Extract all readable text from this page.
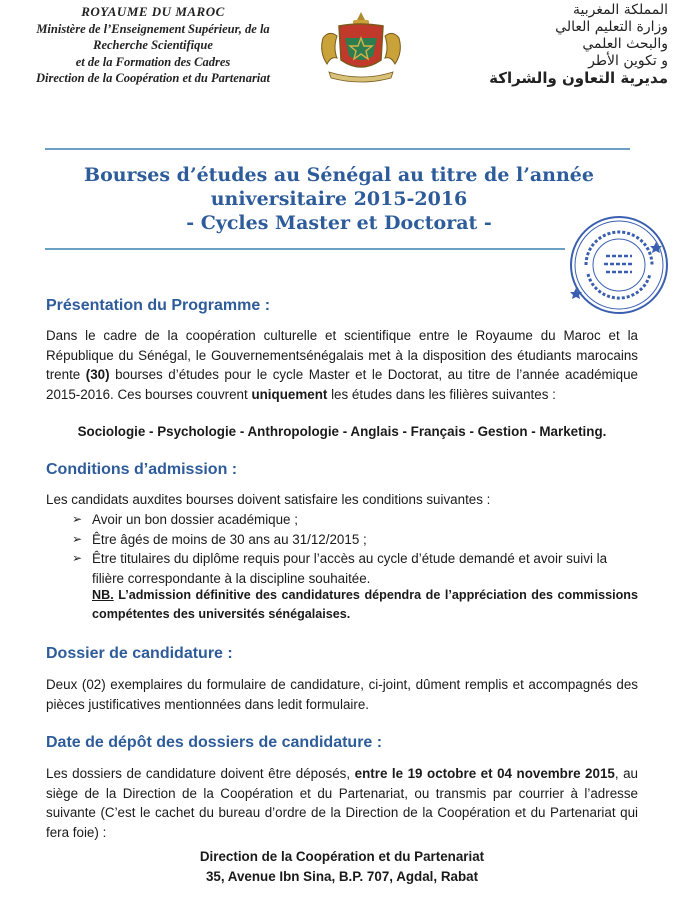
ROYAUME DU MAROC
Ministère de l’Enseignement Supérieur, de la
Recherche Scientifique
et de la Formation des Cadres
Direction de la Coopération et du Partenariat
المملكة المغربية
وزارة التعليم العالي
والبحث العلمي
و تكوين الأطر
مديرية التعاون والشراكة
Bourses d’études au Sénégal au titre de l’année
universitaire 2015-2016
- Cycles Master et Doctorat -
Présentation du Programme :
Dans le cadre de la coopération culturelle et scientifique entre le Royaume du Maroc et la République du Sénégal, le Gouvernementsénégalais met à la disposition des étudiants marocains trente (30) bourses d’études pour le cycle Master et le Doctorat, au titre de l’année académique 2015-2016. Ces bourses couvrent uniquement les études dans les filières suivantes :
Sociologie - Psychologie - Anthropologie - Anglais - Français - Gestion - Marketing.
Conditions d’admission :
Les candidats auxdites bourses doivent satisfaire les conditions suivantes :
➢ Avoir un bon dossier académique ;
➢ Être âgés de moins de 30 ans au 31/12/2015 ;
➢ Être titulaires du diplôme requis pour l’accès au cycle d’étude demandé et avoir suivi la filière correspondante à la discipline souhaitée.
NB. L’admission définitive des candidatures dépendra de l’appréciation des commissions compétentes des universités sénégalaises.
Dossier de candidature :
Deux (02) exemplaires du formulaire de candidature, ci-joint, dûment remplis et accompagnés des pièces justificatives mentionnées dans ledit formulaire.
Date de dépôt des dossiers de candidature :
Les dossiers de candidature doivent être déposés, entre le 19 octobre et 04 novembre 2015, au siège de la Direction de la Coopération et du Partenariat, ou transmis par courrier à l’adresse suivante (C’est le cachet du bureau d’ordre de la Direction de la Coopération et du Partenariat qui fera foie) :
Direction de la Coopération et du Partenariat
35, Avenue Ibn Sina, B.P. 707, Agdal, Rabat
